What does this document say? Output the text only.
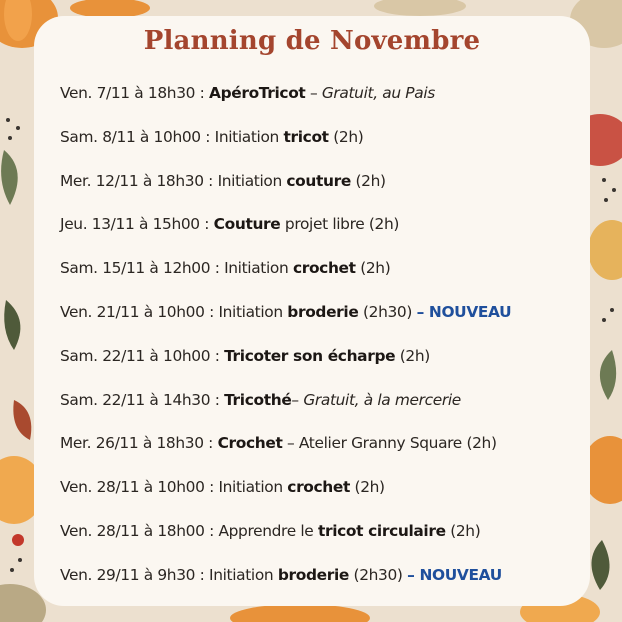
Planning de Novembre
Ven. 7/11 à 18h30 : ApéroTricot – Gratuit, au Pais
Sam. 8/11 à 10h00 : Initiation tricot (2h)
Mer. 12/11 à 18h30 : Initiation couture (2h)
Jeu. 13/11 à 15h00 : Couture projet libre (2h)
Sam. 15/11 à 12h00 : Initiation crochet (2h)
Ven. 21/11 à 10h00 : Initiation broderie (2h30) – NOUVEAU
Sam. 22/11 à 10h00 : Tricoter son écharpe (2h)
Sam. 22/11 à 14h30 : Tricothé– Gratuit, à la mercerie
Mer. 26/11 à 18h30 : Crochet – Atelier Granny Square (2h)
Ven. 28/11 à 10h00 : Initiation crochet (2h)
Ven. 28/11 à 18h00 : Apprendre le tricot circulaire (2h)
Ven. 29/11 à 9h30 : Initiation broderie (2h30) – NOUVEAU
